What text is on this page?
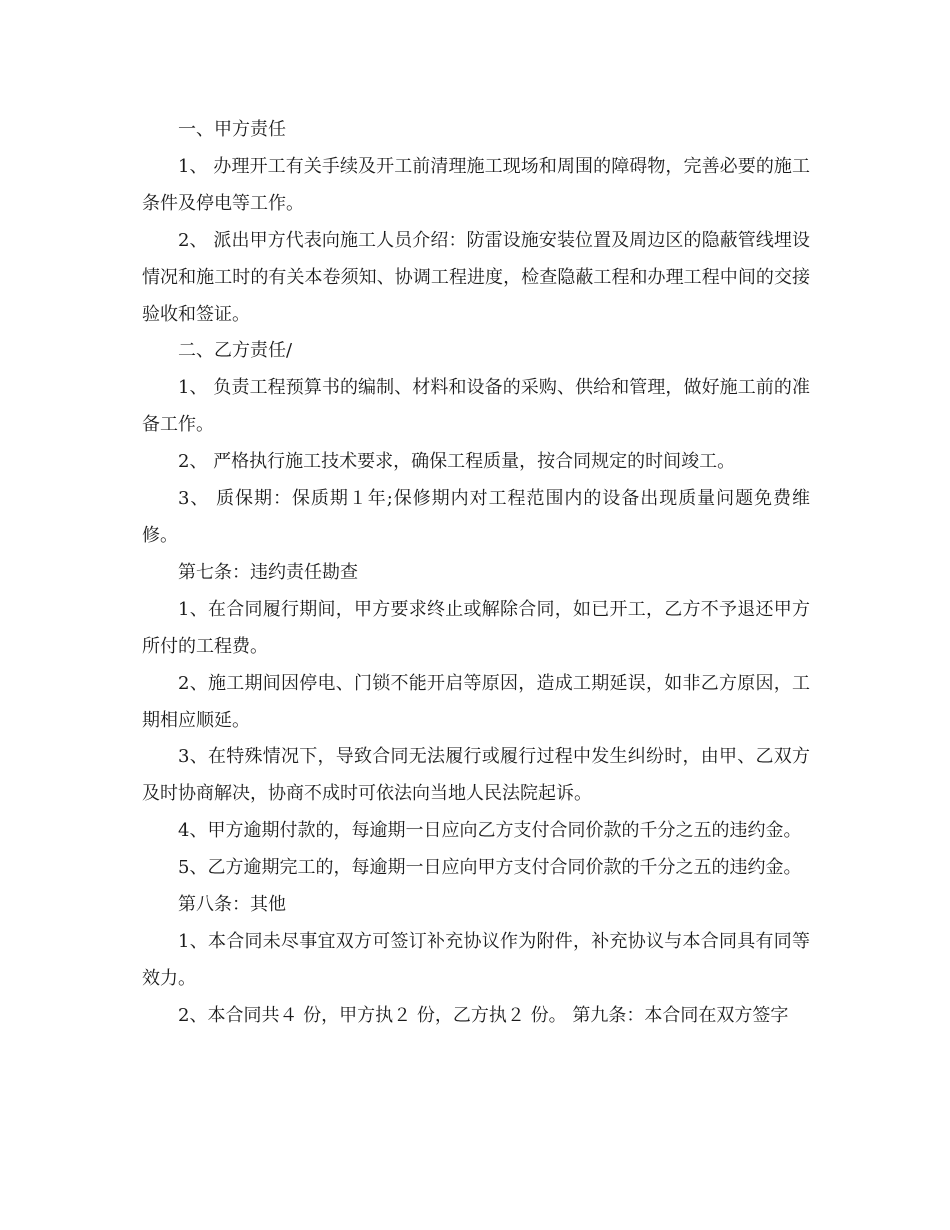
一、甲方责任

1、 办理开工有关手续及开工前清理施工现场和周围的障碍物，完善必要的施工条件及停电等工作。

2、 派出甲方代表向施工人员介绍：防雷设施安装位置及周边区的隐蔽管线埋设情况和施工时的有关本卷须知、协调工程进度，检查隐蔽工程和办理工程中间的交接验收和签证。

二、乙方责任/

1、 负责工程预算书的编制、材料和设备的采购、供给和管理，做好施工前的准备工作。

2、 严格执行施工技术要求，确保工程质量，按合同规定的时间竣工。

3、 质保期：保质期１年;保修期内对工程范围内的设备出现质量问题免费维修。

第七条：违约责任勘查

1、在合同履行期间，甲方要求终止或解除合同，如已开工，乙方不予退还甲方所付的工程费。

2、施工期间因停电、门锁不能开启等原因，造成工期延误，如非乙方原因，工期相应顺延。

3、在特殊情况下，导致合同无法履行或履行过程中发生纠纷时，由甲、乙双方及时协商解决，协商不成时可依法向当地人民法院起诉。

4、甲方逾期付款的，每逾期一日应向乙方支付合同价款的千分之五的违约金。

5、乙方逾期完工的，每逾期一日应向甲方支付合同价款的千分之五的违约金。

第八条：其他

1、本合同未尽事宜双方可签订补充协议作为附件，补充协议与本合同具有同等效力。

2、本合同共４ 份，甲方执２ 份，乙方执２ 份。 第九条：本合同在双方签字
